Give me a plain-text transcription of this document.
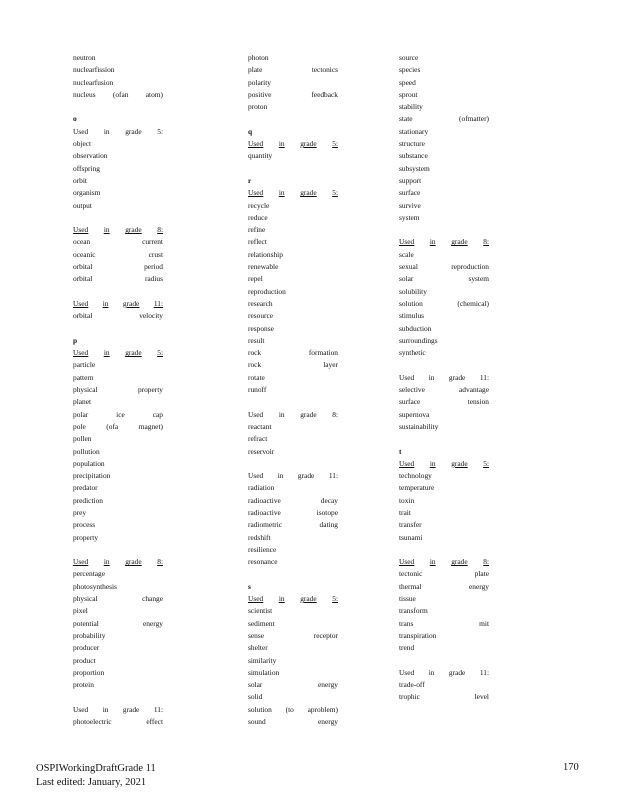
neutron
nuclearfission
nuclearfusion
nucleus (ofan atom)
o
Used in grade 5:
object
observation
offspring
orbit
organism
output
Used in grade 8:
ocean	current
oceanic	crust
orbital	period
orbital	radius
Used in grade 11:
orbital	velocity
p
Used in grade 5:
particle
pattern
physical	property
planet
polar	ice	cap
pole	(ofa	magnet)
pollen
pollution
population
precipitation
predator
prediction
prey
process
property
Used in grade 8:
percentage
photosynthesis
physical	change
pixel
potential	energy
probability
producer
product
proportion
protein
Used in grade 11:
photoelectric	effect
photon
plate	tectonics
polarity
positive	feedback
proton
q
Used in grade 5:
quantity
r
Used in grade 5:
recycle
reduce
refine
reflect
relationship
renewable
repel
reproduction
research
resource
response
result
rock	formation
rock	layer
rotate
runoff
Used in grade 8:
reactant
refract
reservoir
Used in grade 11:
radiation
radioactive	decay
radioactive	isotope
radiometric	dating
redshift
resilience
resonance
s
Used in grade 5:
scientist
sediment
sense	receptor
shelter
similarity
simulation
solar	energy
solid
solution (to aproblem)
sound	energy
source
species
speed
sprout
stability
state	(ofmatter)
stationary
structure
substance
subsystem
support
surface
survive
system
Used in grade 8:
scale
sexual	reproduction
solar	system
solubility
solution	(chemical)
stimulus
subduction
surroundings
synthetic
Used in grade 11:
selective	advantage
surface	tension
supernova
sustainability
t
Used in grade 5:
technology
temperature
toxin
trait
transfer
tsunami
Used in grade 8:
tectonic	plate
thermal	energy
tissue
transform
trans	mit
transpiration
trend
Used in grade 11:
trade-off
trophic	level
OSPIWorkingDraftGrade 11
Last edited: January, 2021
170
